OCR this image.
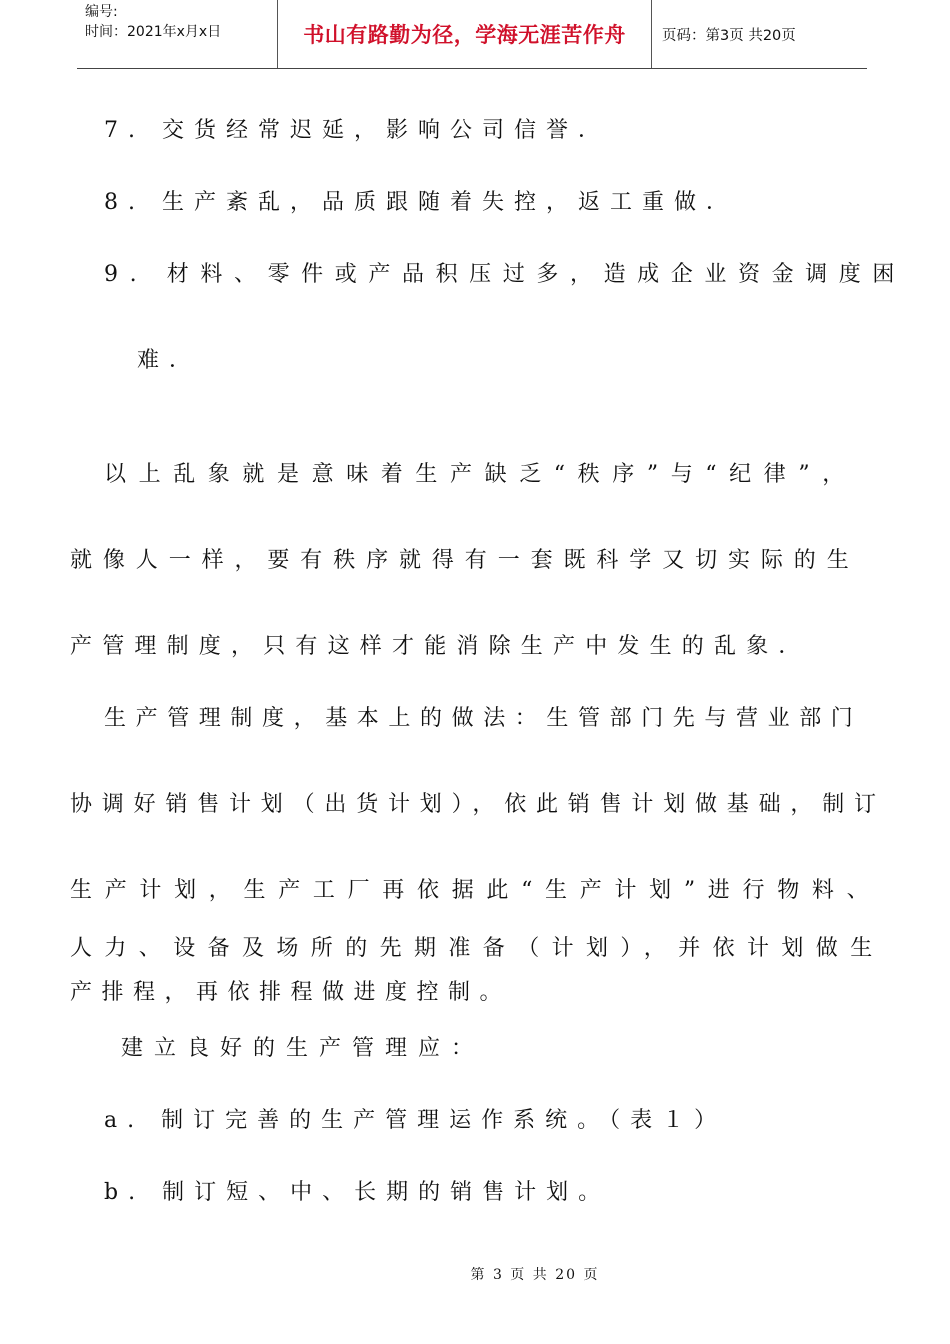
编号:
时间：2021年x月x日	书山有路勤为径，学海无涯苦作舟	页码：第3页 共20页
7. 交货经常迟延，影响公司信誉．
8. 生产紊乱，品质跟随着失控，返工重做．
9. 材料、零件或产品积压过多，造成企业资金调度困
难．
以上乱象就是意味着生产缺乏“秩序”与“纪律”，
就像人一样，要有秩序就得有一套既科学又切实际的生
产管理制度，只有这样才能消除生产中发生的乱象．
生产管理制度，基本上的做法：生管部门先与营业部门
协调好销售计划（出货计划），依此销售计划做基础，制订
生产计划，生产工厂再依据此“生产计划”进行物料、
人力、设备及场所的先期准备（计划），并依计划做生
产排程，再依排程做进度控制。
建立良好的生产管理应：
a. 制订完善的生产管理运作系统。（表１）
b. 制订短、中、长期的销售计划。
第 3 页 共 20 页
